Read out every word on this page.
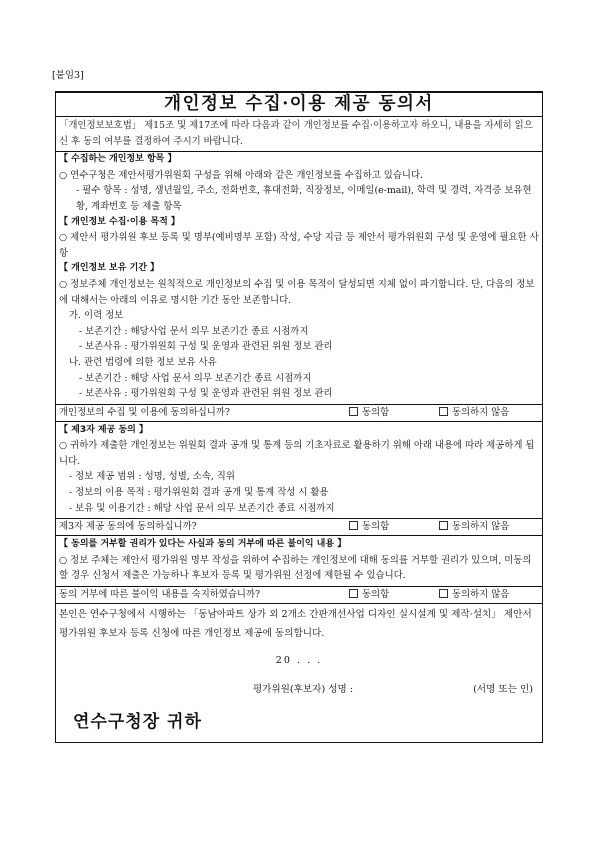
[붙임3]
개인정보 수집·이용 제공 동의서
「개인정보보호법」 제15조 및 제17조에 따라 다음과 같이 개인정보를 수집·이용하고자 하오니, 내용을 자세히 읽으신 후 동의 여부를 결정하여 주시기 바랍니다.
【 수집하는 개인정보 항목 】
○ 연수구청은 제안서평가위원회 구성을 위해 아래와 같은 개인정보를 수집하고 있습니다.
- 필수 항목 : 성명, 생년월일, 주소, 전화번호, 휴대전화, 직장정보, 이메일(e-mail), 학력 및 경력, 자격증 보유현황, 계좌번호 등 제출 항목
【 개인정보 수집·이용 목적 】
○ 제안서 평가위원 후보 등록 및 명부(예비명부 포함) 작성, 수당 지급 등 제안서 평가위원회 구성 및 운영에 필요한 사항
【 개인정보 보유 기간 】
○ 정보주체 개인정보는 원칙적으로 개인정보의 수집 및 이용 목적이 달성되면 지체 없이 파기합니다. 단, 다음의 정보에 대해서는 아래의 이유로 명시한 기간 동안 보존합니다.
가. 이력 정보
- 보존기간 : 해당사업 문서 의무 보존기간 종료 시점까지
- 보존사유 : 평가위원회 구성 및 운영과 관련된 위원 정보 관리
나. 관련 법령에 의한 정보 보유 사유
- 보존기간 : 해당 사업 문서 의무 보존기간 종료 시점까지
- 보존사유 : 평가위원회 구성 및 운영과 관련된 위원 정보 관리
개인정보의 수집 및 이용에 동의하십니까?	동의함	동의하지 않음
【 제3자 제공 동의 】
○ 귀하가 제출한 개인정보는 위원회 결과 공개 및 통계 등의 기초자료로 활용하기 위해 아래 내용에 따라 제공하게 됩니다.
- 정보 제공 범위 : 성명, 성별, 소속, 직위
- 정보의 이용 목적 : 평가위원회 결과 공개 및 통계 작성 시 활용
- 보유 및 이용기간 : 해당 사업 문서 의무 보존기간 종료 시점까지
제3자 제공 동의에 동의하십니까?	동의함	동의하지 않음
【 동의를 거부할 권리가 있다는 사실과 동의 거부에 따른 불이익 내용 】
○ 정보 주체는 제안서 평가위원 명부 작성을 위하여 수집하는 개인정보에 대해 동의를 거부할 권리가 있으며, 미동의할 경우 신청서 제출은 가능하나 후보자 등록 및 평가위원 선정에 제한될 수 있습니다.
동의 거부에 따른 불이익 내용을 숙지하였습니까?	동의함	동의하지 않음
본인은 연수구청에서 시행하는 「동남아파트 상가 외 2개소 간판개선사업 디자인 실시설계 및 제작·설치」 제안서 평가위원 후보자 등록 신청에 따른 개인정보 제공에 동의합니다.
20 . . .
평가위원(후보자) 성명 :	(서명 또는 인)
연수구청장 귀하
